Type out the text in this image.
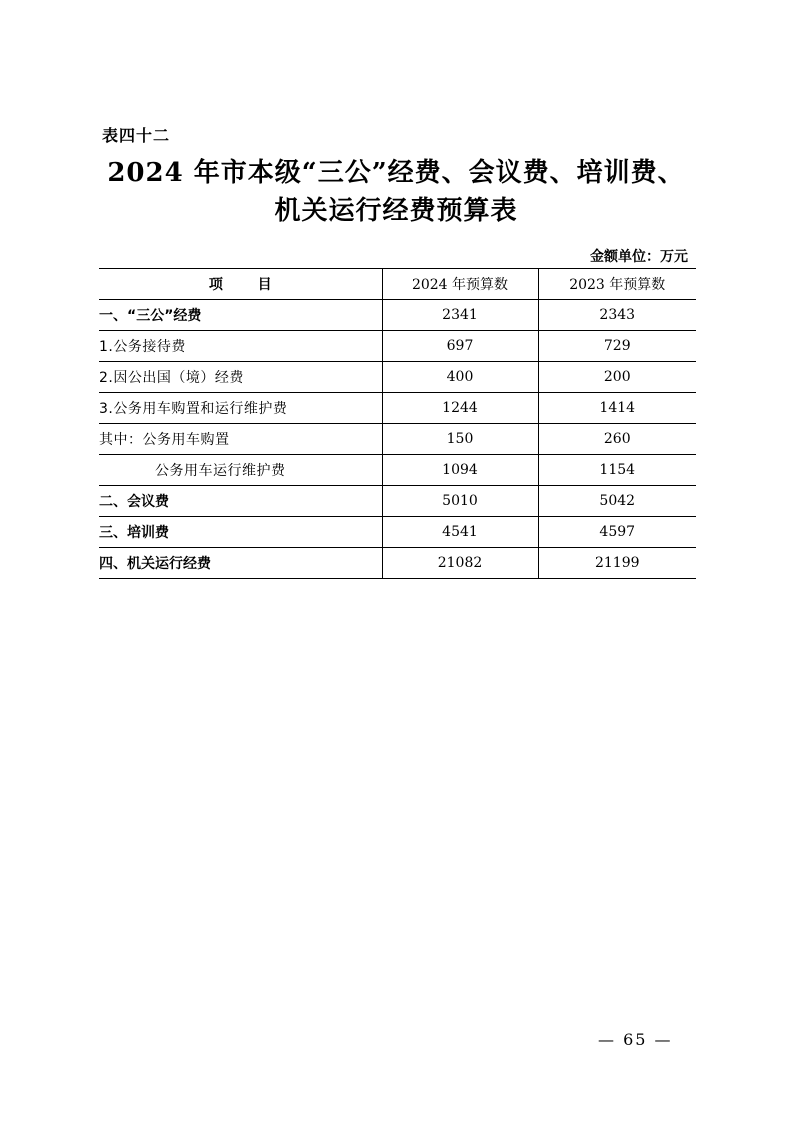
表四十二
2024 年市本级“三公”经费、会议费、培训费、
机关运行经费预算表
金额单位：万元
项 目	2024 年预算数	2023 年预算数
一、“三公”经费	2341	2343
1.公务接待费	697	729
2.因公出国（境）经费	400	200
3.公务用车购置和运行维护费	1244	1414
其中：公务用车购置	150	260
公务用车运行维护费	1094	1154
二、会议费	5010	5042
三、培训费	4541	4597
四、机关运行经费	21082	21199
— 65 —
